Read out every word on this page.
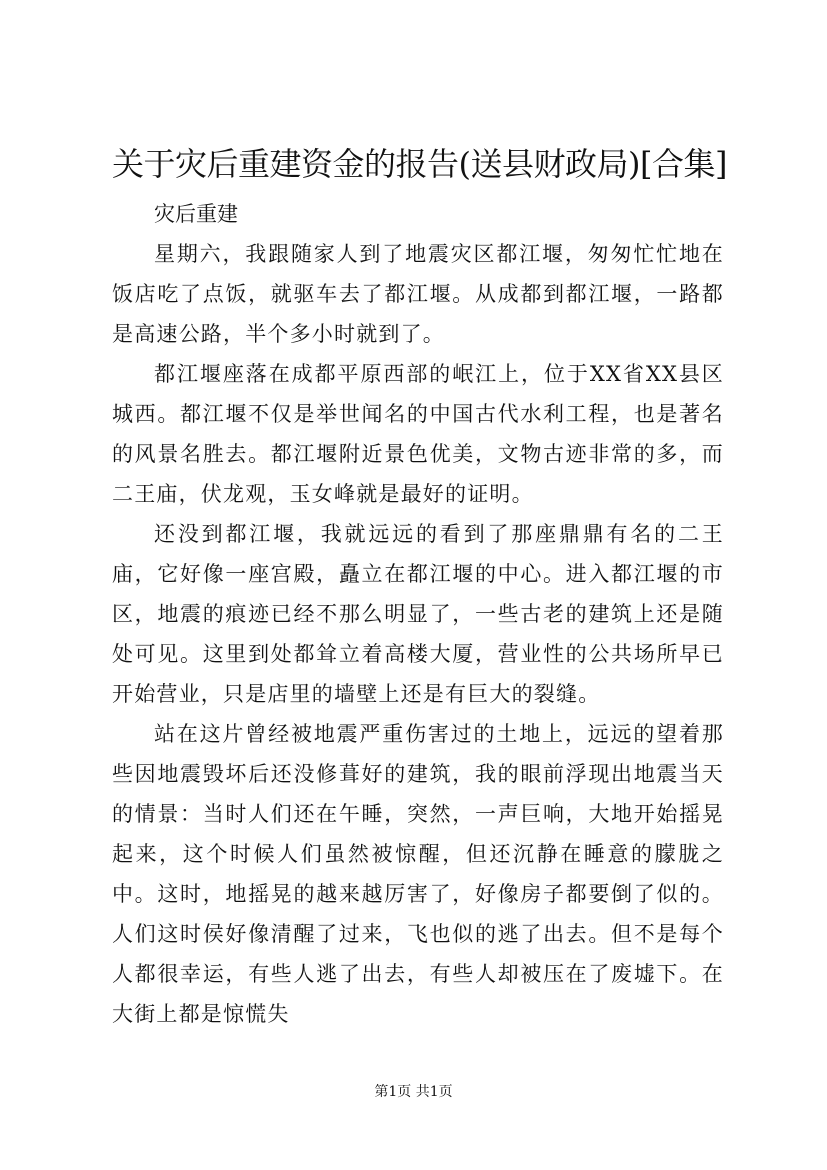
关于灾后重建资金的报告(送县财政局)[合集]
灾后重建

星期六，我跟随家人到了地震灾区都江堰，匆匆忙忙地在饭店吃了点饭，就驱车去了都江堰。从成都到都江堰，一路都是高速公路，半个多小时就到了。

都江堰座落在成都平原西部的岷江上，位于XX省XX县区城西。都江堰不仅是举世闻名的中国古代水利工程，也是著名的风景名胜去。都江堰附近景色优美，文物古迹非常的多，而二王庙，伏龙观，玉女峰就是最好的证明。

还没到都江堰，我就远远的看到了那座鼎鼎有名的二王庙，它好像一座宫殿，矗立在都江堰的中心。进入都江堰的市区，地震的痕迹已经不那么明显了，一些古老的建筑上还是随处可见。这里到处都耸立着高楼大厦，营业性的公共场所早已开始营业，只是店里的墙壁上还是有巨大的裂缝。

站在这片曾经被地震严重伤害过的土地上，远远的望着那些因地震毁坏后还没修葺好的建筑，我的眼前浮现出地震当天的情景：当时人们还在午睡，突然，一声巨响，大地开始摇晃起来，这个时候人们虽然被惊醒，但还沉静在睡意的朦胧之中。这时，地摇晃的越来越厉害了，好像房子都要倒了似的。人们这时侯好像清醒了过来，飞也似的逃了出去。但不是每个人都很幸运，有些人逃了出去，有些人却被压在了废墟下。在大街上都是惊慌失

第1页 共1页
